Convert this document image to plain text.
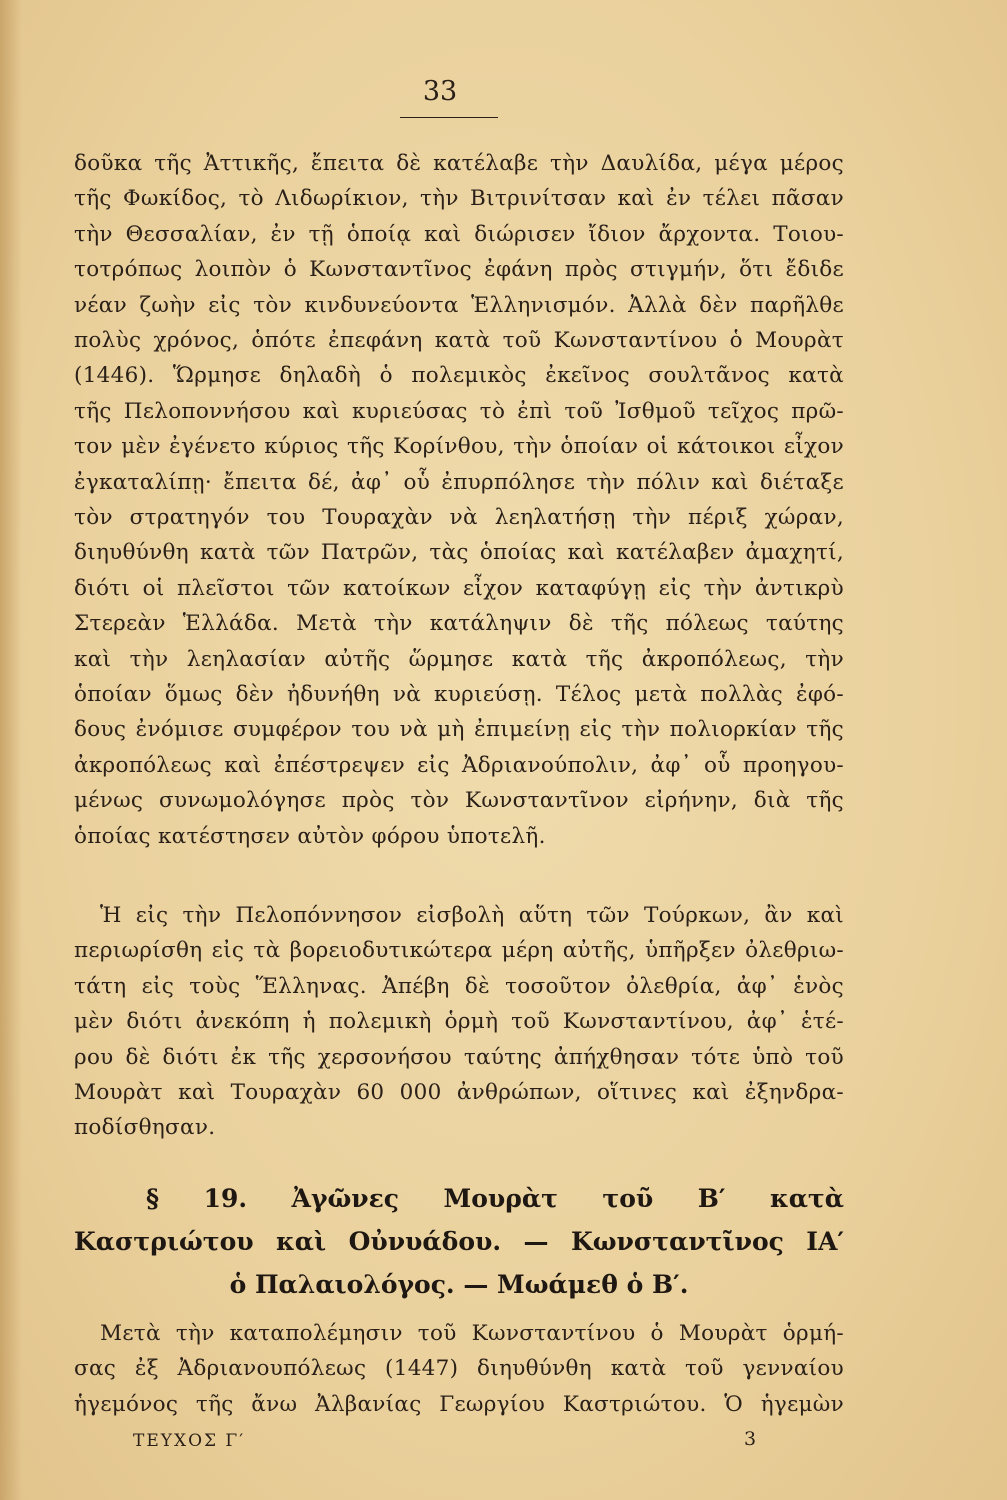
33
δοῦκα τῆς Ἀττικῆς, ἔπειτα δὲ κατέλαβε τὴν Δαυλίδα, μέγα μέρος
τῆς Φωκίδος, τὸ Λιδωρίκιον, τὴν Βιτρινίτσαν καὶ ἐν τέλει πᾶσαν
τὴν Θεσσαλίαν, ἐν τῇ ὁποίᾳ καὶ διώρισεν ἴδιον ἄρχοντα. Τοιου-
τοτρόπως λοιπὸν ὁ Κωνσταντῖνος ἐφάνη πρὸς στιγμήν, ὅτι ἔδιδε
νέαν ζωὴν εἰς τὸν κινδυνεύοντα Ἑλληνισμόν. Ἀλλὰ δὲν παρῆλθε
πολὺς χρόνος, ὁπότε ἐπεφάνη κατὰ τοῦ Κωνσταντίνου ὁ Μουρὰτ
(1446). Ὥρμησε δηλαδὴ ὁ πολεμικὸς ἐκεῖνος σουλτᾶνος κατὰ
τῆς Πελοποννήσου καὶ κυριεύσας τὸ ἐπὶ τοῦ Ἰσθμοῦ τεῖχος πρῶ-
τον μὲν ἐγένετο κύριος τῆς Κορίνθου, τὴν ὁποίαν οἱ κάτοικοι εἶχον
ἐγκαταλίπῃ· ἔπειτα δέ, ἀφ᾽ οὗ ἐπυρπόλησε τὴν πόλιν καὶ διέταξε
τὸν στρατηγόν του Τουραχὰν νὰ λεηλατήσῃ τὴν πέριξ χώραν,
διηυθύνθη κατὰ τῶν Πατρῶν, τὰς ὁποίας καὶ κατέλαβεν ἀμαχητί,
διότι οἱ πλεῖστοι τῶν κατοίκων εἶχον καταφύγῃ εἰς τὴν ἀντικρὺ
Στερεὰν Ἑλλάδα. Μετὰ τὴν κατάληψιν δὲ τῆς πόλεως ταύτης
καὶ τὴν λεηλασίαν αὐτῆς ὥρμησε κατὰ τῆς ἀκροπόλεως, τὴν
ὁποίαν ὅμως δὲν ἠδυνήθη νὰ κυριεύσῃ. Τέλος μετὰ πολλὰς ἐφό-
δους ἐνόμισε συμφέρον του νὰ μὴ ἐπιμείνῃ εἰς τὴν πολιορκίαν τῆς
ἀκροπόλεως καὶ ἐπέστρεψεν εἰς Ἀδριανούπολιν, ἀφ᾽ οὗ προηγου-
μένως συνωμολόγησε πρὸς τὸν Κωνσταντῖνον εἰρήνην, διὰ τῆς
ὁποίας κατέστησεν αὐτὸν φόρου ὑποτελῆ.
Ἡ εἰς τὴν Πελοπόννησον εἰσβολὴ αὕτη τῶν Τούρκων, ἂν καὶ
περιωρίσθη εἰς τὰ βορειοδυτικώτερα μέρη αὐτῆς, ὑπῆρξεν ὀλεθριω-
τάτη εἰς τοὺς Ἕλληνας. Ἀπέβη δὲ τοσοῦτον ὀλεθρία, ἀφ᾽ ἑνὸς
μὲν διότι ἀνεκόπη ἡ πολεμικὴ ὁρμὴ τοῦ Κωνσταντίνου, ἀφ᾽ ἑτέ-
ρου δὲ διότι ἐκ τῆς χερσονήσου ταύτης ἀπήχθησαν τότε ὑπὸ τοῦ
Μουρὰτ καὶ Τουραχὰν 60 000 ἀνθρώπων, οἵτινες καὶ ἐξηνδρα-
ποδίσθησαν.
§ 19. Ἀγῶνες Μουρὰτ τοῦ Β′ κατὰ
Καστριώτου καὶ Οὐνυάδου. — Κωνσταντῖνος ΙΑ′
ὁ Παλαιολόγος. — Μωάμεθ ὁ Β′.
Μετὰ τὴν καταπολέμησιν τοῦ Κωνσταντίνου ὁ Μουρὰτ ὁρμή-
σας ἐξ Ἀδριανουπόλεως (1447) διηυθύνθη κατὰ τοῦ γενναίου
ἡγεμόνος τῆς ἄνω Ἀλβανίας Γεωργίου Καστριώτου. Ὁ ἡγεμὼν
ΤΕΥΧΟΣ Γ′	3
